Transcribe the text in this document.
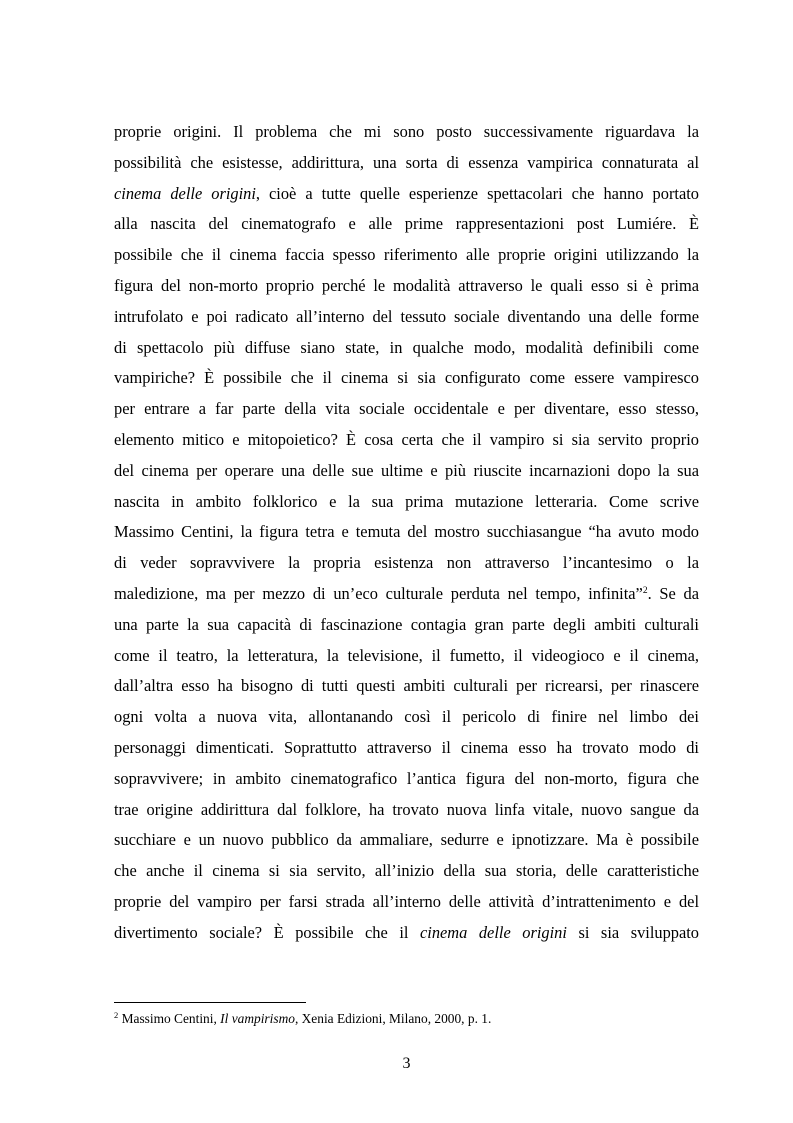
proprie origini. Il problema che mi sono posto successivamente riguardava la
possibilità che esistesse, addirittura, una sorta di essenza vampirica connaturata al
cinema delle origini, cioè a tutte quelle esperienze spettacolari che hanno portato
alla nascita del cinematografo e alle prime rappresentazioni post Lumiére. È
possibile che il cinema faccia spesso riferimento alle proprie origini utilizzando la
figura del non-morto proprio perché le modalità attraverso le quali esso si è prima
intrufolato e poi radicato all’interno del tessuto sociale diventando una delle forme
di spettacolo più diffuse siano state, in qualche modo, modalità definibili come
vampiriche? È possibile che il cinema si sia configurato come essere vampiresco
per entrare a far parte della vita sociale occidentale e per diventare, esso stesso,
elemento mitico e mitopoietico? È cosa certa che il vampiro si sia servito proprio
del cinema per operare una delle sue ultime e più riuscite incarnazioni dopo la sua
nascita in ambito folklorico e la sua prima mutazione letteraria. Come scrive
Massimo Centini, la figura tetra e temuta del mostro succhiasangue “ha avuto modo
di veder sopravvivere la propria esistenza non attraverso l’incantesimo o la
maledizione, ma per mezzo di un’eco culturale perduta nel tempo, infinita”$^2$. Se da
una parte la sua capacità di fascinazione contagia gran parte degli ambiti culturali
come il teatro, la letteratura, la televisione, il fumetto, il videogioco e il cinema,
dall’altra esso ha bisogno di tutti questi ambiti culturali per ricrearsi, per rinascere
ogni volta a nuova vita, allontanando così il pericolo di finire nel limbo dei
personaggi dimenticati. Soprattutto attraverso il cinema esso ha trovato modo di
sopravvivere; in ambito cinematografico l’antica figura del non-morto, figura che
trae origine addirittura dal folklore, ha trovato nuova linfa vitale, nuovo sangue da
succhiare e un nuovo pubblico da ammaliare, sedurre e ipnotizzare. Ma è possibile
che anche il cinema si sia servito, all’inizio della sua storia, delle caratteristiche
proprie del vampiro per farsi strada all’interno delle attività d’intrattenimento e del
divertimento sociale? È possibile che il cinema delle origini si sia sviluppato

$^2$ Massimo Centini, Il vampirismo, Xenia Edizioni, Milano, 2000, p. 1.

3
